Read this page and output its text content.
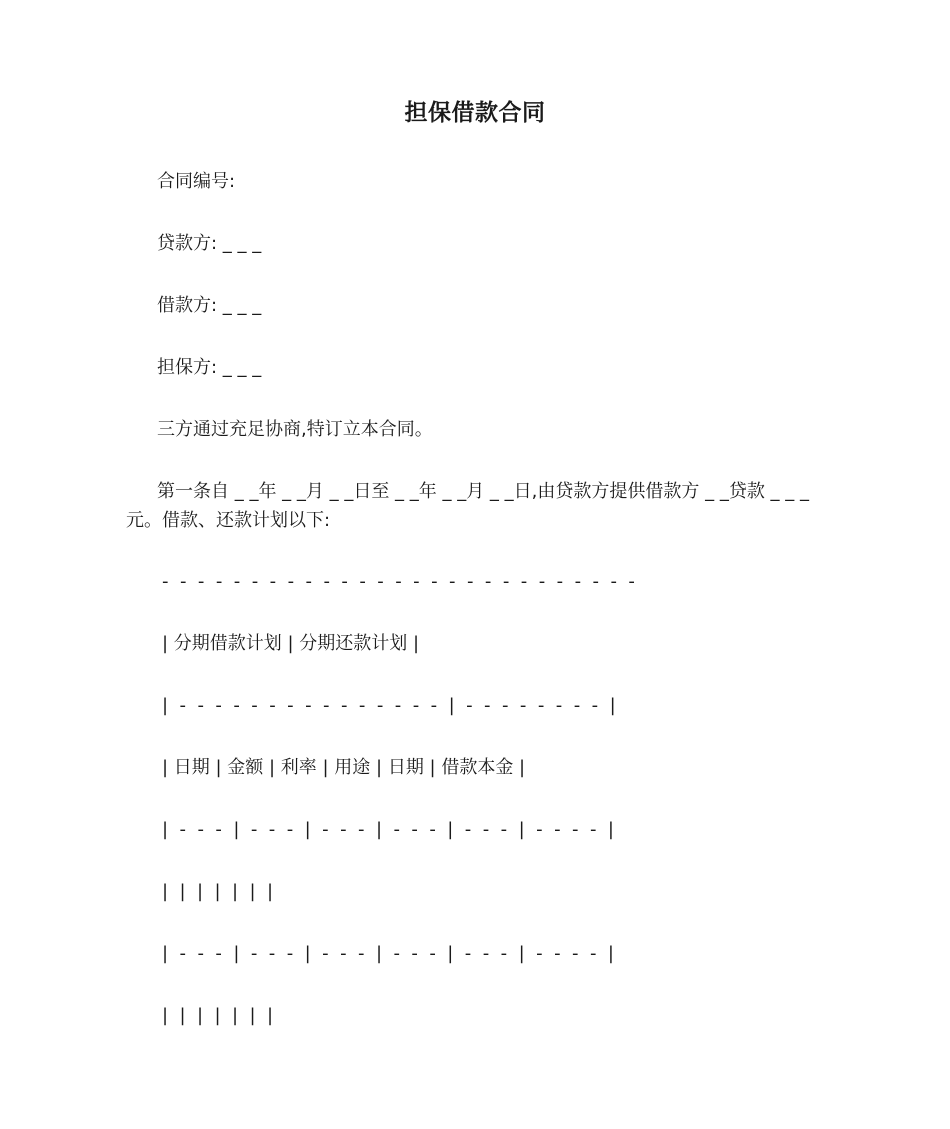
担保借款合同
合同编号:
贷款方: _ _ _
借款方: _ _ _
担保方: _ _ _
三方通过充足协商,特订立本合同。

第一条自 _ _年 _ _月 _ _日至 _ _年 _ _月 _ _日,由贷款方提供借款方 _ _贷款 _ _ _元。借款、还款计划以下:

-  -  -  -  -  -  -  -  -  -  -  -  -  -  -  -  -  -  -  -  -  -  -  -  -  -  -
| 分期借款计划 | 分期还款计划 |
|  -  -  -  -  -  -  -  -  -  -  -  -  -  -  -  |  -  -  -  -  -  -  -  -  |
| 日期 | 金额 | 利率 | 用途 | 日期 | 借款本金 |
|  -  -  -  |  -  -  -  |  -  -  -  |  -  -  -  |  -  -  -  |  -  -  -  -  |
|  |  |  |  |  |  |
|  -  -  -  |  -  -  -  |  -  -  -  |  -  -  -  |  -  -  -  |  -  -  -  -  |
|  |  |  |  |  |  |
